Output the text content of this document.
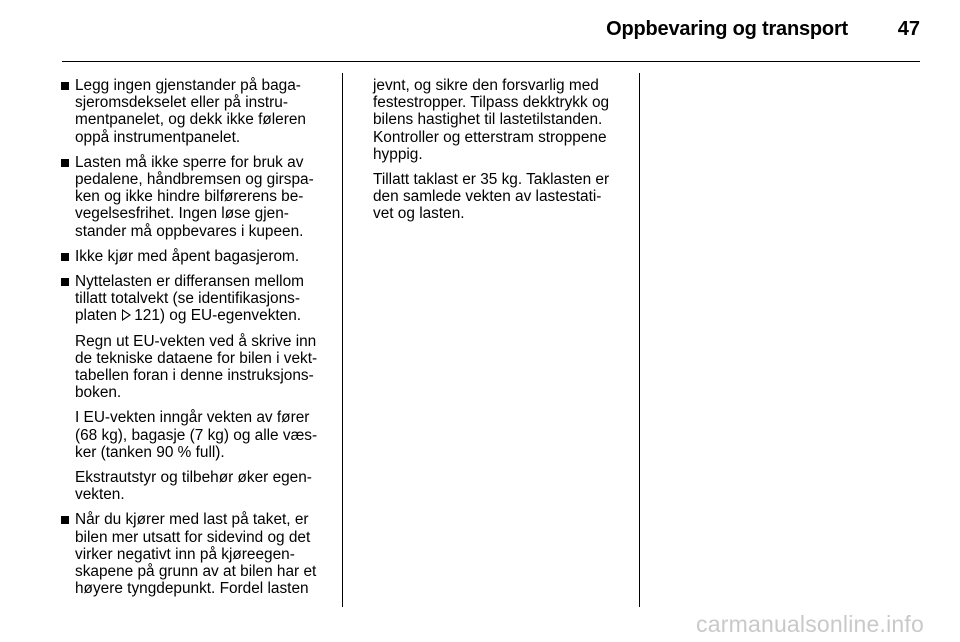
Oppbevaring og transport 47
Legg ingen gjenstander på baga-
sjeromsdekselet eller på instru-
mentpanelet, og dekk ikke føleren
oppå instrumentpanelet.
Lasten må ikke sperre for bruk av
pedalene, håndbremsen og girspa-
ken og ikke hindre bilførerens be-
vegelsesfrihet. Ingen løse gjen-
stander må oppbevares i kupeen.
Ikke kjør med åpent bagasjerom.
Nyttelasten er differansen mellom
tillatt totalvekt (se identifikasjons-
platen 121) og EU-egenvekten.
Regn ut EU-vekten ved å skrive inn
de tekniske dataene for bilen i vekt-
tabellen foran i denne instruksjons-
boken.
I EU-vekten inngår vekten av fører
(68 kg), bagasje (7 kg) og alle væs-
ker (tanken 90 % full).
Ekstrautstyr og tilbehør øker egen-
vekten.
Når du kjører med last på taket, er
bilen mer utsatt for sidevind og det
virker negativt inn på kjøreegen-
skapene på grunn av at bilen har et
høyere tyngdepunkt. Fordel lasten
jevnt, og sikre den forsvarlig med
festestropper. Tilpass dekktrykk og
bilens hastighet til lastetilstanden.
Kontroller og etterstram stroppene
hyppig.
Tillatt taklast er 35 kg. Taklasten er
den samlede vekten av lastestati-
vet og lasten.
carmanualsonline.info
